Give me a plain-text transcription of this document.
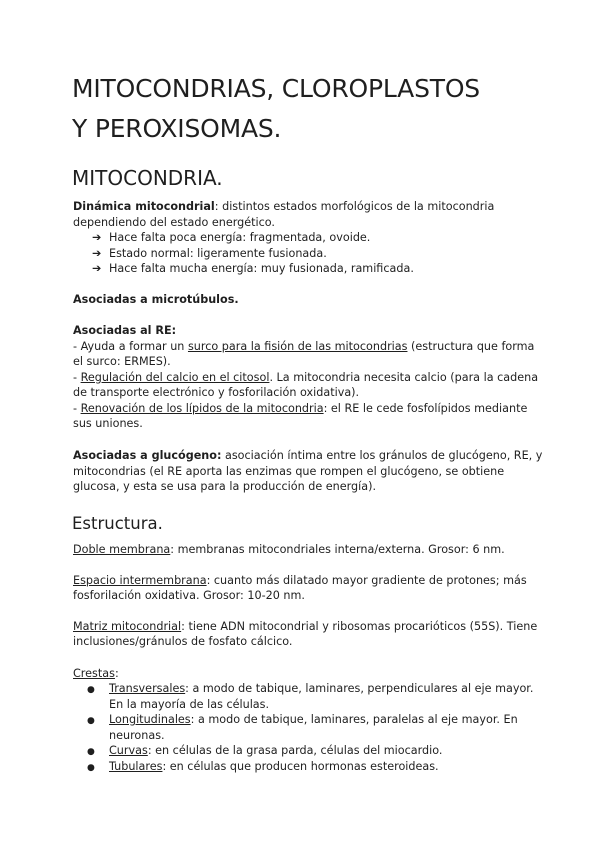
MITOCONDRIAS, CLOROPLASTOS
Y PEROXISOMAS.
MITOCONDRIA.
Dinámica mitocondrial: distintos estados morfológicos de la mitocondria
dependiendo del estado energético.
➔ Hace falta poca energía: fragmentada, ovoide.
➔ Estado normal: ligeramente fusionada.
➔ Hace falta mucha energía: muy fusionada, ramificada.
Asociadas a microtúbulos.
Asociadas al RE:
- Ayuda a formar un surco para la fisión de las mitocondrias (estructura que forma
el surco: ERMES).
- Regulación del calcio en el citosol. La mitocondria necesita calcio (para la cadena
de transporte electrónico y fosforilación oxidativa).
- Renovación de los lípidos de la mitocondria: el RE le cede fosfolípidos mediante
sus uniones.
Asociadas a glucógeno: asociación íntima entre los gránulos de glucógeno, RE, y
mitocondrias (el RE aporta las enzimas que rompen el glucógeno, se obtiene
glucosa, y esta se usa para la producción de energía).
Estructura.
Doble membrana: membranas mitocondriales interna/externa. Grosor: 6 nm.
Espacio intermembrana: cuanto más dilatado mayor gradiente de protones; más
fosforilación oxidativa. Grosor: 10-20 nm.
Matriz mitocondrial: tiene ADN mitocondrial y ribosomas procarióticos (55S). Tiene
inclusiones/gránulos de fosfato cálcico.
Crestas:
● Transversales: a modo de tabique, laminares, perpendiculares al eje mayor.
En la mayoría de las células.
● Longitudinales: a modo de tabique, laminares, paralelas al eje mayor. En
neuronas.
● Curvas: en células de la grasa parda, células del miocardio.
● Tubulares: en células que producen hormonas esteroideas.
